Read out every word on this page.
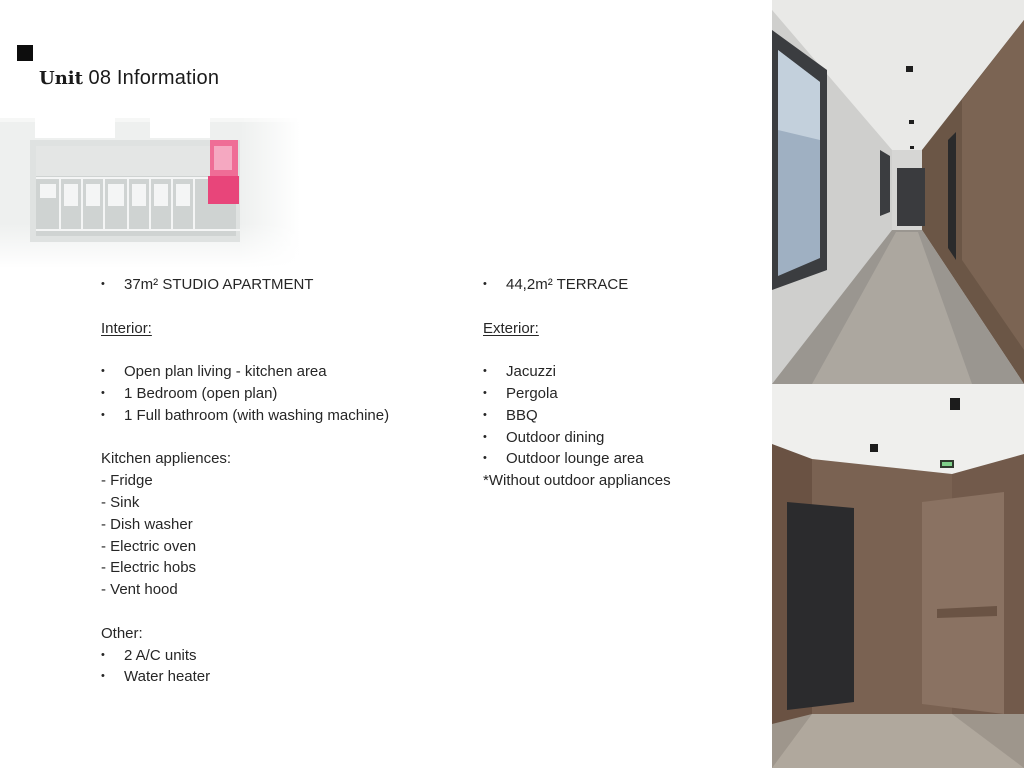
Unit 08 Information
•	37m² STUDIO APARTMENT
Interior:
•	Open plan living - kitchen area
•	1 Bedroom (open plan)
•	1 Full bathroom (with washing machine)
Kitchen appliences:
- Fridge
- Sink
- Dish washer
- Electric oven
- Electric hobs
- Vent hood
Other:
•	2 A/C units
•	Water heater
•	44,2m² TERRACE
Exterior:
•	Jacuzzi
•	Pergola
•	BBQ
•	Outdoor dining
•	Outdoor lounge area
*Without outdoor appliances
